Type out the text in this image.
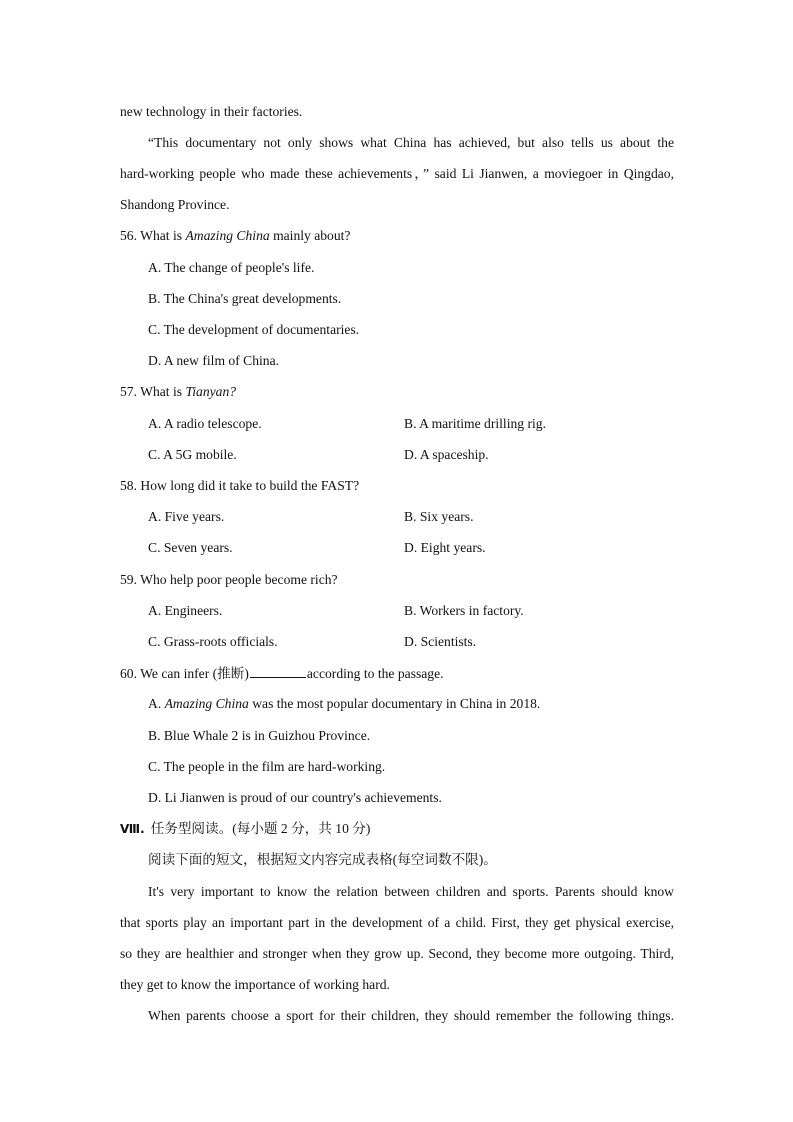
new technology in their factories.
“This documentary not only shows what China has achieved, but also tells us about the
hard-working people who made these achievements，” said Li Jianwen, a moviegoer in Qingdao,
Shandong Province.
56. What is Amazing China mainly about?
A. The change of people's life.
B. The China's great developments.
C. The development of documentaries.
D. A new film of China.
57. What is Tianyan?
A. A radio telescope.	B. A maritime drilling rig.
C. A 5G mobile.	D. A spaceship.
58. How long did it take to build the FAST?
A. Five years.	B. Six years.
C. Seven years.	D. Eight years.
59. Who help poor people become rich?
A. Engineers.	B. Workers in factory.
C. Grass-roots officials.	D. Scientists.
60. We can infer (推断)	according to the passage.
A. Amazing China was the most popular documentary in China in 2018.
B. Blue Whale 2 is in Guizhou Province.
C. The people in the film are hard-working.
D. Li Jianwen is proud of our country's achievements.
Ⅷ. 任务型阅读。(每小题 2 分，共 10 分)
阅读下面的短文，根据短文内容完成表格(每空词数不限)。
It's very important to know the relation between children and sports. Parents should know
that sports play an important part in the development of a child. First, they get physical exercise,
so they are healthier and stronger when they grow up. Second, they become more outgoing. Third,
they get to know the importance of working hard.
When parents choose a sport for their children, they should remember the following things.
